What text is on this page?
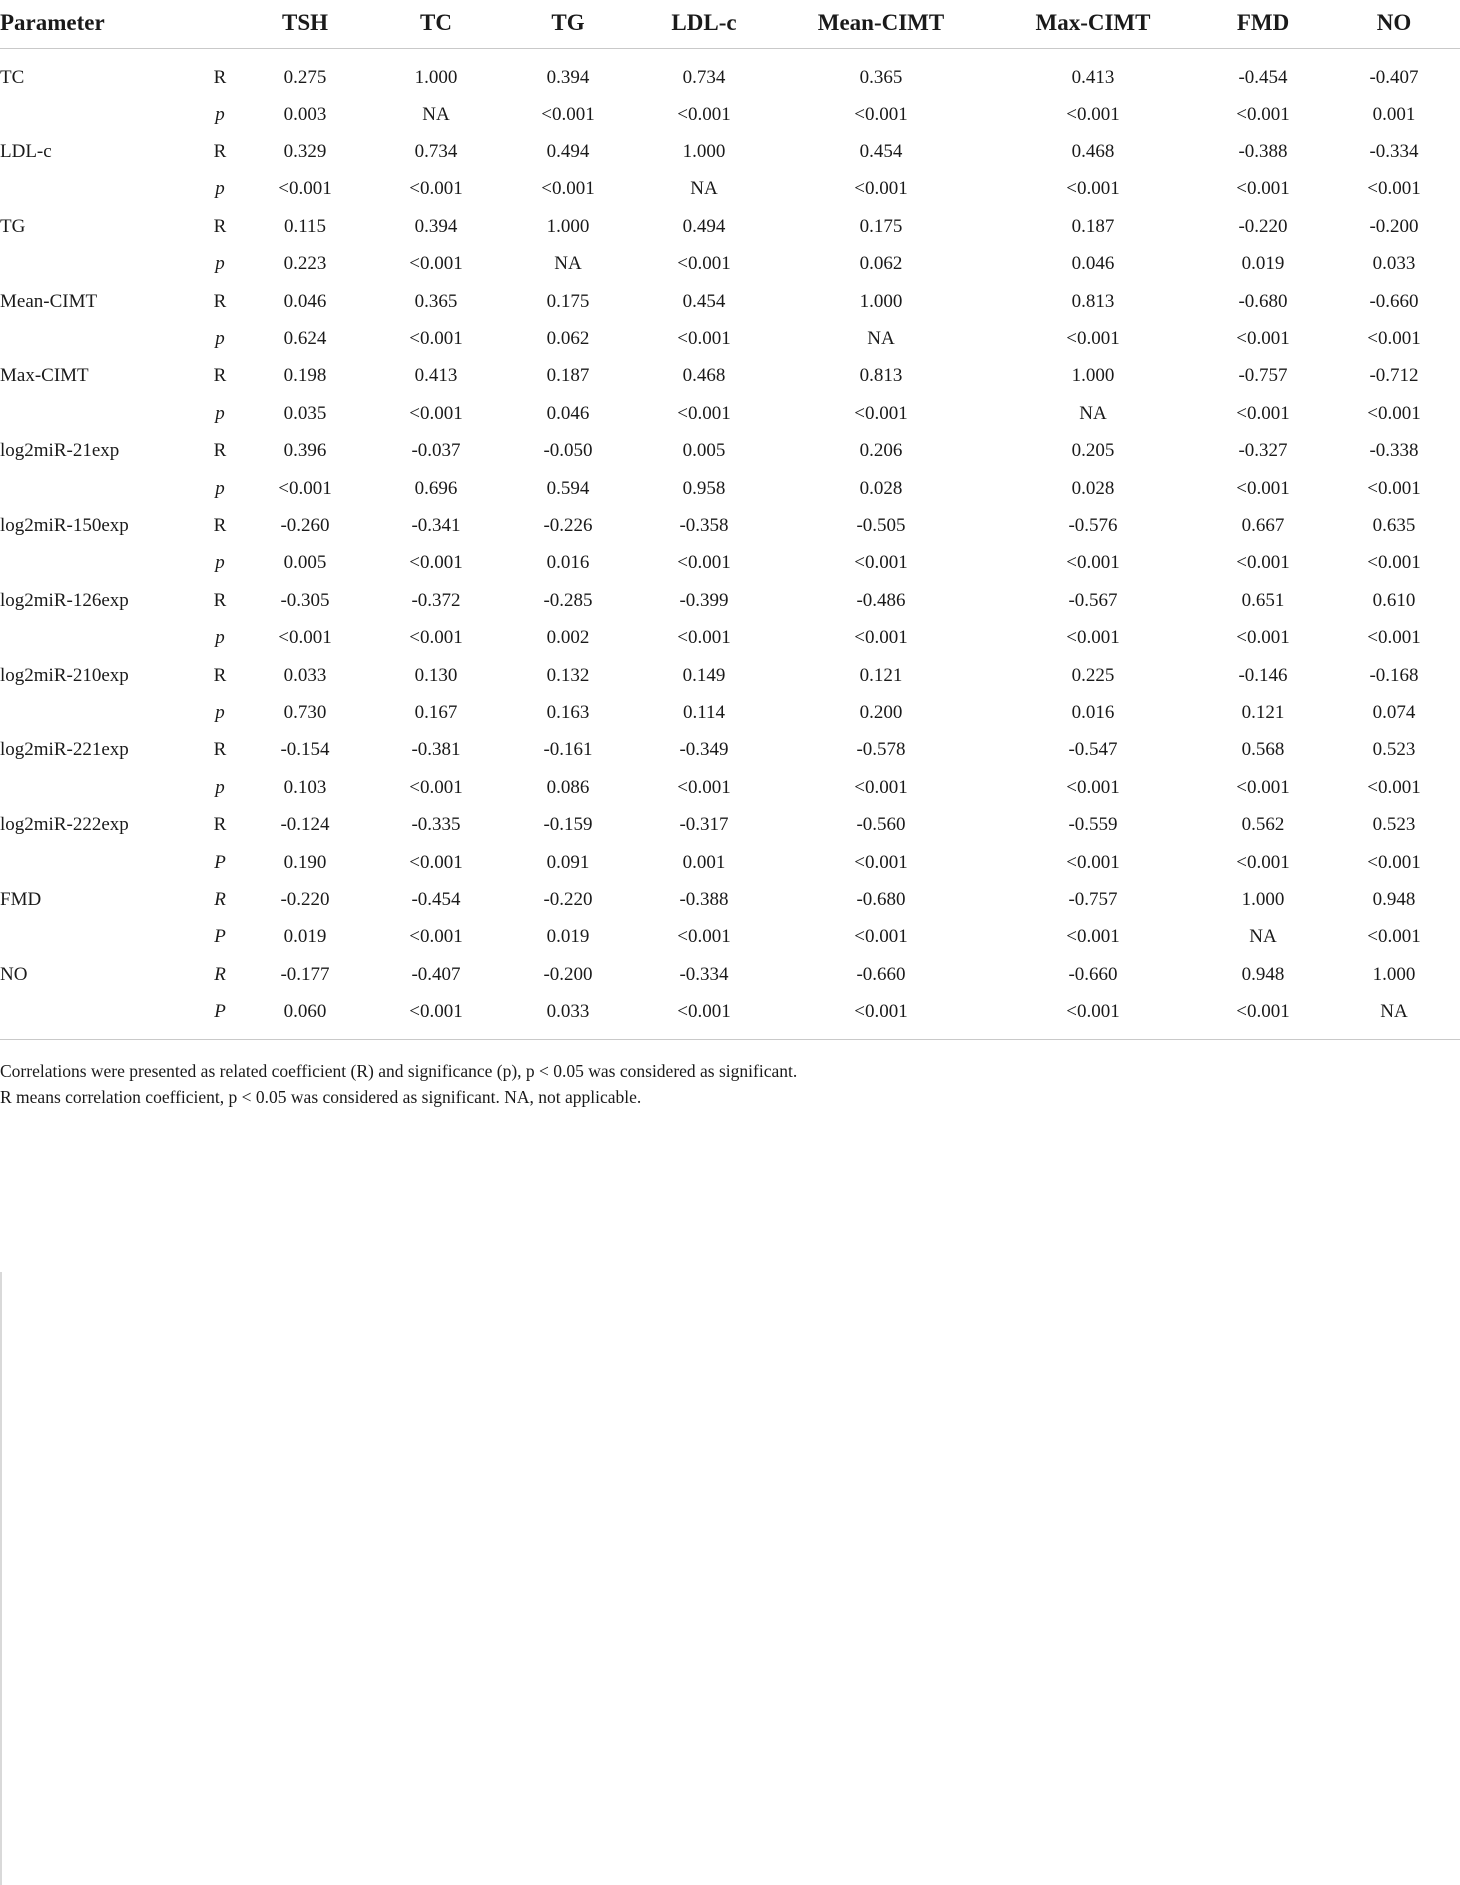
Parameter		TSH	TC	TG	LDL-c	Mean-CIMT	Max-CIMT	FMD	NO
TC	R	0.275	1.000	0.394	0.734	0.365	0.413	-0.454	-0.407
	p	0.003	NA	<0.001	<0.001	<0.001	<0.001	<0.001	0.001
LDL-c	R	0.329	0.734	0.494	1.000	0.454	0.468	-0.388	-0.334
	p	<0.001	<0.001	<0.001	NA	<0.001	<0.001	<0.001	<0.001
TG	R	0.115	0.394	1.000	0.494	0.175	0.187	-0.220	-0.200
	p	0.223	<0.001	NA	<0.001	0.062	0.046	0.019	0.033
Mean-CIMT	R	0.046	0.365	0.175	0.454	1.000	0.813	-0.680	-0.660
	p	0.624	<0.001	0.062	<0.001	NA	<0.001	<0.001	<0.001
Max-CIMT	R	0.198	0.413	0.187	0.468	0.813	1.000	-0.757	-0.712
	p	0.035	<0.001	0.046	<0.001	<0.001	NA	<0.001	<0.001
log2miR-21exp	R	0.396	-0.037	-0.050	0.005	0.206	0.205	-0.327	-0.338
	p	<0.001	0.696	0.594	0.958	0.028	0.028	<0.001	<0.001
log2miR-150exp	R	-0.260	-0.341	-0.226	-0.358	-0.505	-0.576	0.667	0.635
	p	0.005	<0.001	0.016	<0.001	<0.001	<0.001	<0.001	<0.001
log2miR-126exp	R	-0.305	-0.372	-0.285	-0.399	-0.486	-0.567	0.651	0.610
	p	<0.001	<0.001	0.002	<0.001	<0.001	<0.001	<0.001	<0.001
log2miR-210exp	R	0.033	0.130	0.132	0.149	0.121	0.225	-0.146	-0.168
	p	0.730	0.167	0.163	0.114	0.200	0.016	0.121	0.074
log2miR-221exp	R	-0.154	-0.381	-0.161	-0.349	-0.578	-0.547	0.568	0.523
	p	0.103	<0.001	0.086	<0.001	<0.001	<0.001	<0.001	<0.001
log2miR-222exp	R	-0.124	-0.335	-0.159	-0.317	-0.560	-0.559	0.562	0.523
	P	0.190	<0.001	0.091	0.001	<0.001	<0.001	<0.001	<0.001
FMD	R	-0.220	-0.454	-0.220	-0.388	-0.680	-0.757	1.000	0.948
	P	0.019	<0.001	0.019	<0.001	<0.001	<0.001	NA	<0.001
NO	R	-0.177	-0.407	-0.200	-0.334	-0.660	-0.660	0.948	1.000
	P	0.060	<0.001	0.033	<0.001	<0.001	<0.001	<0.001	NA

Correlations were presented as related coefficient (R) and significance (p), p < 0.05 was considered as significant.

R means correlation coefficient, p < 0.05 was considered as significant. NA, not applicable.
